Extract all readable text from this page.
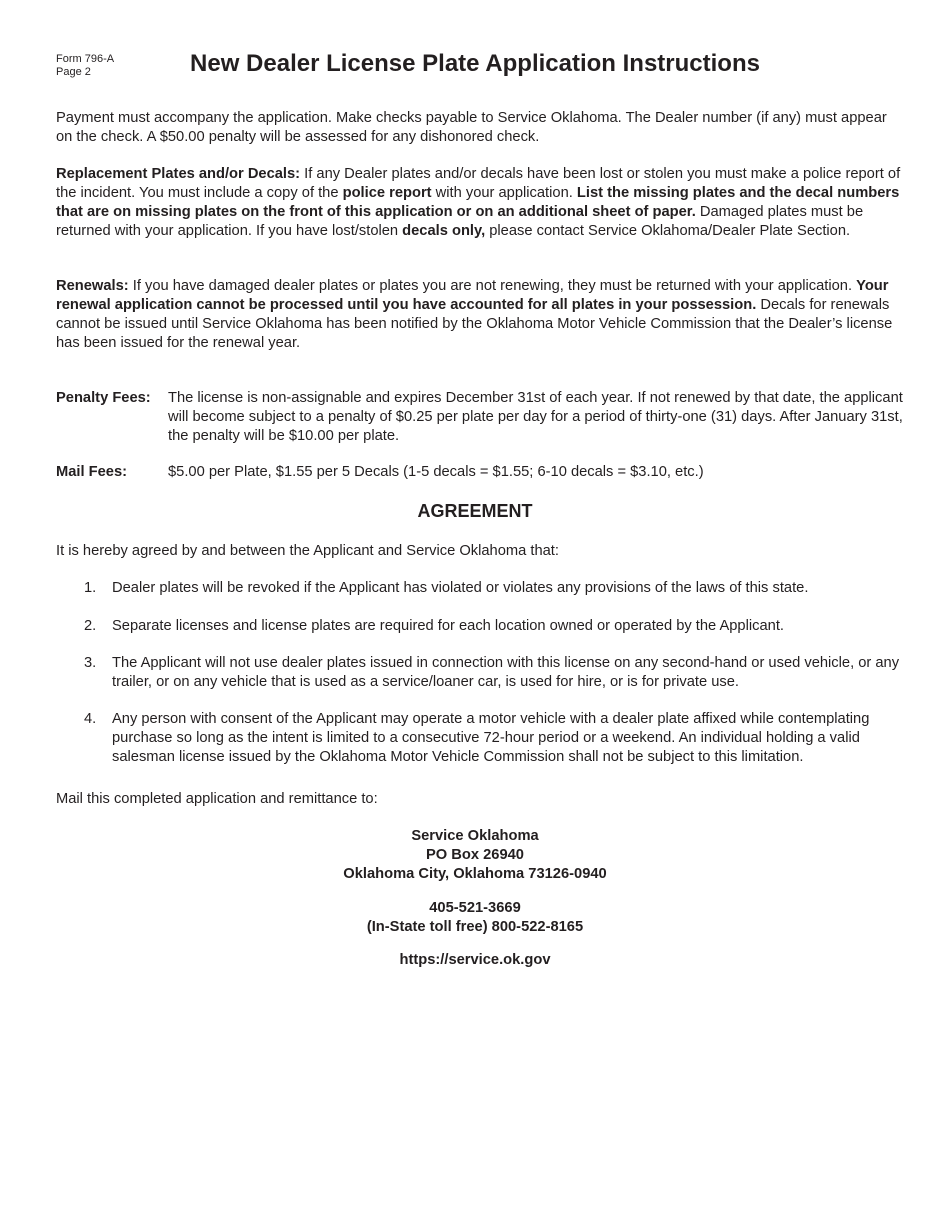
Form 796-A
Page 2	New Dealer License Plate Application Instructions
Payment must accompany the application. Make checks payable to Service Oklahoma. The Dealer number (if any) must appear on the check. A $50.00 penalty will be assessed for any dishonored check.
Replacement Plates and/or Decals: If any Dealer plates and/or decals have been lost or stolen you must make a police report of the incident. You must include a copy of the police report with your application. List the missing plates and the decal numbers that are on missing plates on the front of this application or on an additional sheet of paper. Damaged plates must be returned with your application. If you have lost/stolen decals only, please contact Service Oklahoma/Dealer Plate Section.
Renewals: If you have damaged dealer plates or plates you are not renewing, they must be returned with your application. Your renewal application cannot be processed until you have accounted for all plates in your possession. Decals for renewals cannot be issued until Service Oklahoma has been notified by the Oklahoma Motor Vehicle Commission that the Dealer’s license has been issued for the renewal year.
Penalty Fees: The license is non-assignable and expires December 31st of each year. If not renewed by that date, the applicant will become subject to a penalty of $0.25 per plate per day for a period of thirty-one (31) days. After January 31st, the penalty will be $10.00 per plate.
Mail Fees:	$5.00 per Plate, $1.55 per 5 Decals (1-5 decals = $1.55; 6-10 decals = $3.10, etc.)
AGREEMENT
It is hereby agreed by and between the Applicant and Service Oklahoma that:
1. Dealer plates will be revoked if the Applicant has violated or violates any provisions of the laws of this state.
2. Separate licenses and license plates are required for each location owned or operated by the Applicant.
3. The Applicant will not use dealer plates issued in connection with this license on any second-hand or used vehicle, or any trailer, or on any vehicle that is used as a service/loaner car, is used for hire, or is for private use.
4. Any person with consent of the Applicant may operate a motor vehicle with a dealer plate affixed while contemplating purchase so long as the intent is limited to a consecutive 72-hour period or a weekend. An individual holding a valid salesman license issued by the Oklahoma Motor Vehicle Commission shall not be subject to this limitation.
Mail this completed application and remittance to:
Service Oklahoma
PO Box 26940
Oklahoma City, Oklahoma 73126-0940
405-521-3669
(In-State toll free) 800-522-8165
https://service.ok.gov
